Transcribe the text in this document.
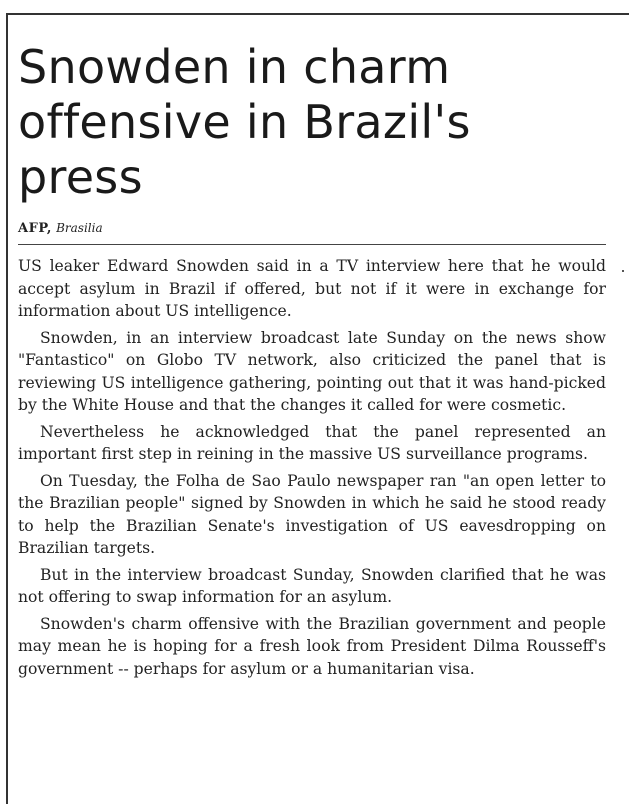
Snowden in charm offensive in Brazil's press
AFP, Brasilia

US leaker Edward Snowden said in a TV interview here that he would accept asylum in Brazil if offered, but not if it were in exchange for information about US intelligence.

Snowden, in an interview broadcast late Sunday on the news show "Fantastico" on Globo TV network, also criticized the panel that is reviewing US intelligence gathering, pointing out that it was hand-picked by the White House and that the changes it called for were cosmetic.

Nevertheless he acknowledged that the panel represented an important first step in reining in the massive US surveillance programs.

On Tuesday, the Folha de Sao Paulo newspaper ran "an open letter to the Brazilian people" signed by Snowden in which he said he stood ready to help the Brazilian Senate's investigation of US eavesdropping on Brazilian targets.

But in the interview broadcast Sunday, Snowden clarified that he was not offering to swap information for an asylum.

Snowden's charm offensive with the Brazilian government and people may mean he is hoping for a fresh look from President Dilma Rousseff's government -- perhaps for asylum or a humanitarian visa.
